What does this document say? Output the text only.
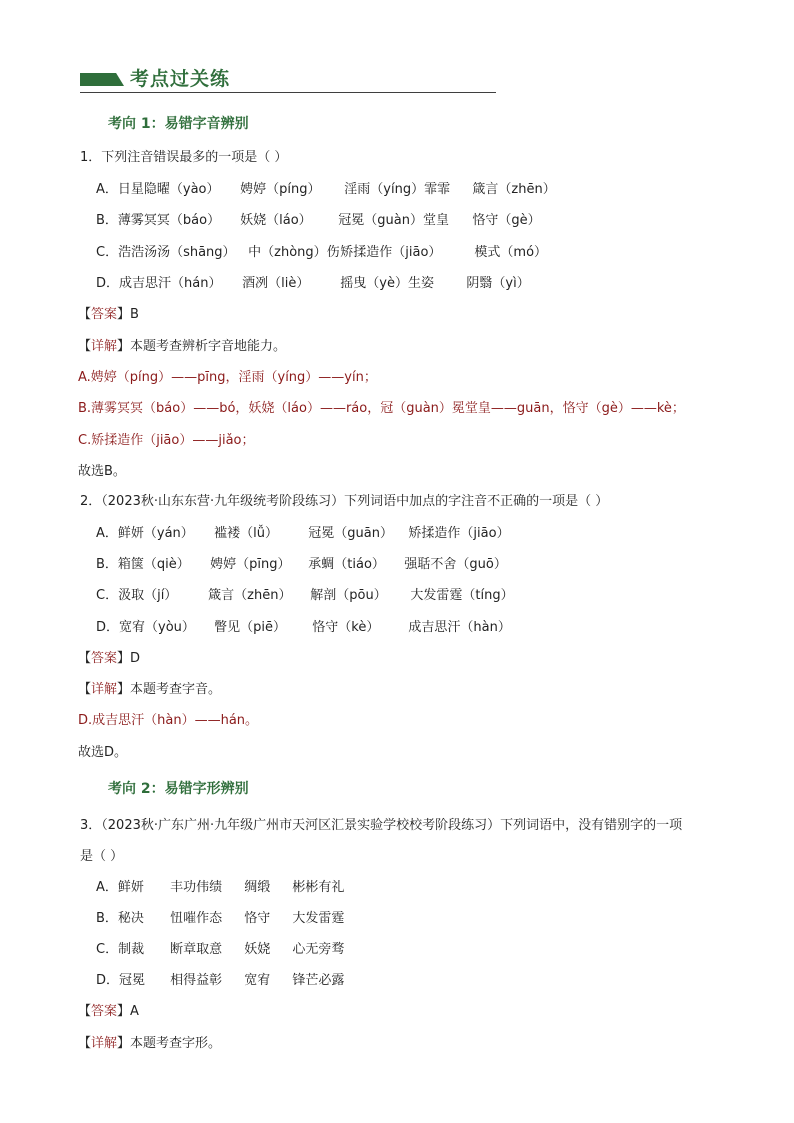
考点过关练
考向 1：易错字音辨别
1．下列注音错误最多的一项是（ ）
A．日星隐曜（yào） 娉婷（píng） 淫雨（yíng）霏霏 箴言（zhēn）
B．薄雾冥冥（báo） 妖娆（láo） 冠冕（guàn）堂皇 恪守（gè）
C．浩浩汤汤（shāng） 中（zhòng）伤 矫揉造作（jiāo）	模式（mó）
D．成吉思汗（hán） 酒冽（liè） 摇曳（yè）生姿 阴翳（yì）
【答案】B
【详解】本题考查辨析字音地能力。
A.娉婷（píng）——pīng，淫雨（yíng）——yín；
B.薄雾冥冥（báo）——bó，妖娆（láo）——ráo，冠（guàn）冕堂皇——guān，恪守（gè）——kè；
C.矫揉造作（jiāo）——jiǎo；
故选B。
2．（2023秋·山东东营·九年级统考阶段练习）下列词语中加点的字注音不正确的一项是（ ）
A．鲜妍（yán） 褴褛（lǚ） 冠冕（guān） 矫揉造作（jiāo）
B．箱箧（qiè） 娉婷（pīng） 承蜩（tiáo） 强聒不舍（guō）
C．汲取（jí） 箴言（zhēn） 解剖（pōu） 大发雷霆（tíng）
D．宽宥（yòu） 瞥见（piē） 恪守（kè） 成吉思汗（hàn）
【答案】D
【详解】本题考查字音。
D.成吉思汗（hàn）——hán。
故选D。
考向 2：易错字形辨别
3．（2023秋·广东广州·九年级广州市天河区汇景实验学校校考阶段练习）下列词语中，没有错别字的一项
是（ ）
A．鲜妍 丰功伟绩 绸缎 彬彬有礼
B．秘决 忸嗺作态 恪守 大发雷霆
C．制裁 断章取意 妖娆 心无旁骛
D．冠冕 相得益彰 宽宥 锋芒必露
【答案】A
【详解】本题考查字形。
